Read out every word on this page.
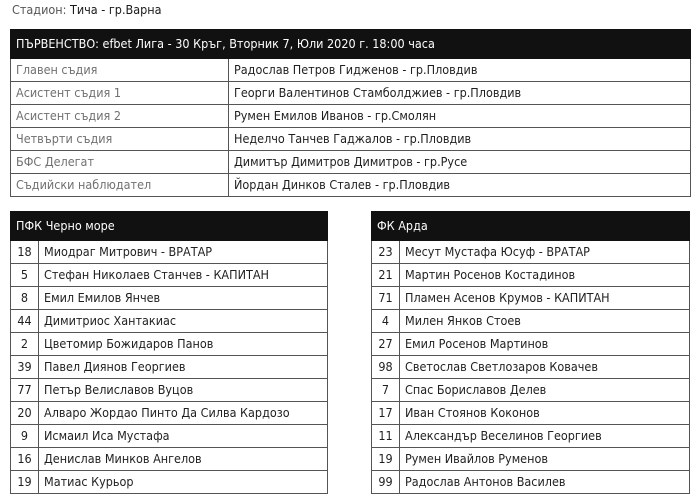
Стадион: Тича - гр.Варна
ПЪРВЕНСТВО: efbet Лига - 30 Кръг, Вторник 7, Юли 2020 г. 18:00 часа	
Главен съдия	Радослав Петров Гидженов - гр.Пловдив
Асистент съдия 1	Георги Валентинов Стамболджиев - гр.Пловдив
Асистент съдия 2	Румен Емилов Иванов - гр.Смолян
Четвърти съдия	Неделчо Танчев Гаджалов - гр.Пловдив
БФС Делегат	Димитър Димитров Димитров - гр.Русе
Съдийски наблюдател	Йордан Динков Сталев - гр.Пловдив
ПФК Черно море	
18	Миодраг Митрович - ВРАТАР
5	Стефан Николаев Станчев - КАПИТАН
8	Емил Емилов Янчев
44	Димитриос Хантакиас
2	Цветомир Божидаров Панов
39	Павел Диянов Георгиев
77	Петър Велиславов Вуцов
20	Алваро Жордао Пинто Да Силва Кардозо
9	Исмаил Иса Мустафа
16	Денислав Минков Ангелов
19	Матиас Курьор
ФК Арда	
23	Месут Мустафа Юсуф - ВРАТАР
21	Мартин Росенов Костадинов
71	Пламен Асенов Крумов - КАПИТАН
4	Милен Янков Стоев
27	Емил Росенов Мартинов
98	Светослав Светлозаров Ковачев
7	Спас Бориславов Делев
17	Иван Стоянов Коконов
11	Александър Веселинов Георгиев
19	Румен Ивайлов Руменов
99	Радослав Антонов Василев
